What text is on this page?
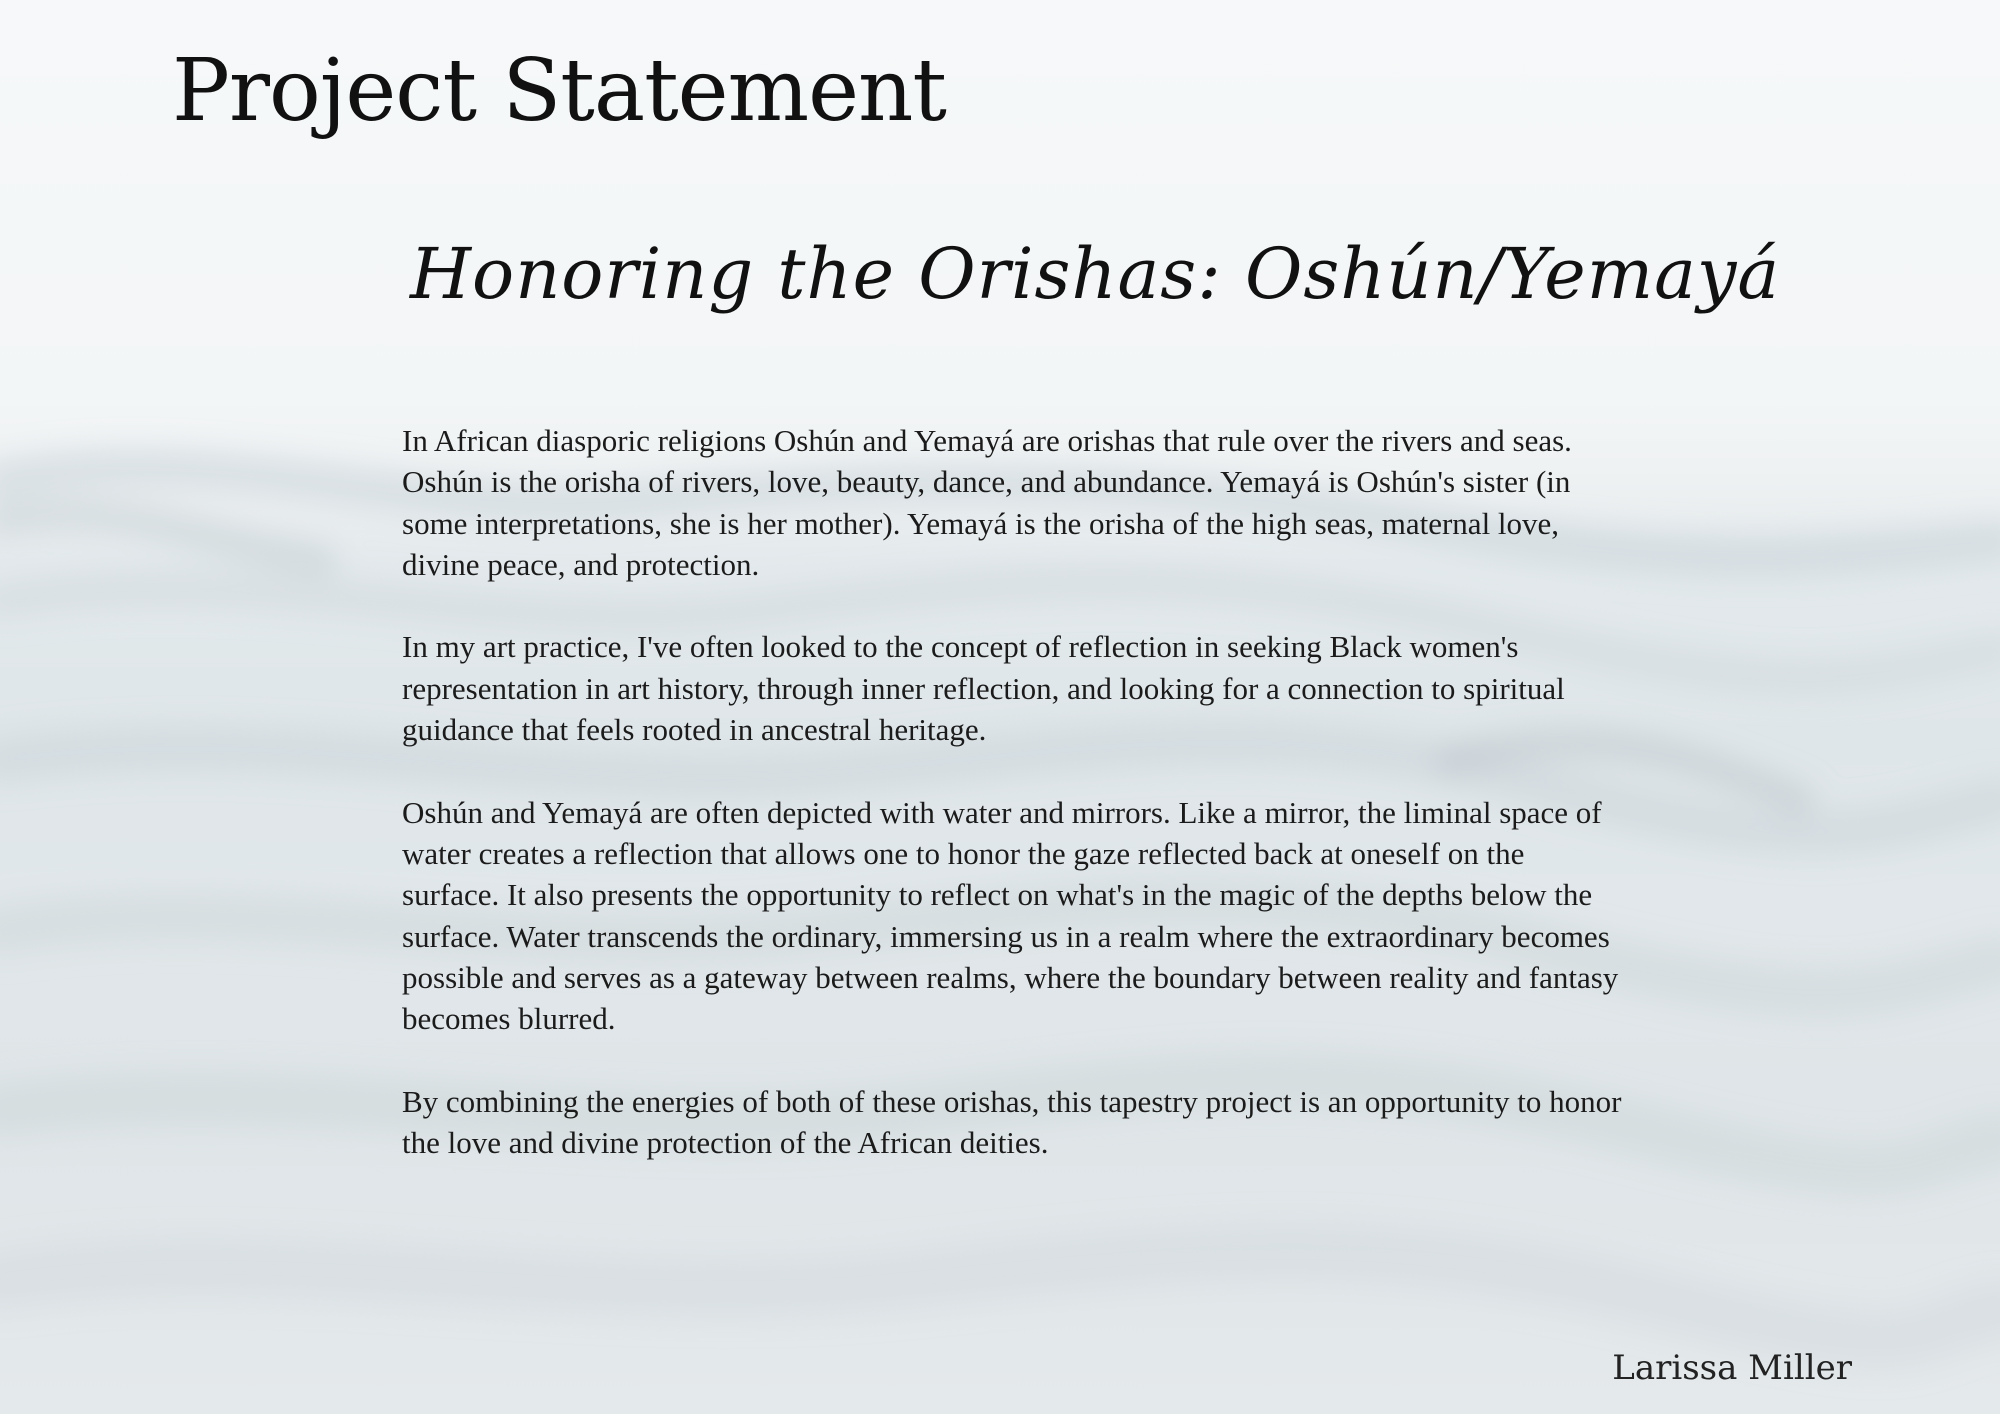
Project Statement
Honoring the Orishas: Oshún/Yemayá

In African diasporic religions Oshún and Yemayá are orishas that rule over the rivers and seas. Oshún is the orisha of rivers, love, beauty, dance, and abundance. Yemayá is Oshún's sister (in some interpretations, she is her mother). Yemayá is the orisha of the high seas, maternal love, divine peace, and protection.

In my art practice, I've often looked to the concept of reflection in seeking Black women's representation in art history, through inner reflection, and looking for a connection to spiritual guidance that feels rooted in ancestral heritage.

Oshún and Yemayá are often depicted with water and mirrors. Like a mirror, the liminal space of water creates a reflection that allows one to honor the gaze reflected back at oneself on the surface. It also presents the opportunity to reflect on what's in the magic of the depths below the surface. Water transcends the ordinary, immersing us in a realm where the extraordinary becomes possible and serves as a gateway between realms, where the boundary between reality and fantasy becomes blurred.

By combining the energies of both of these orishas, this tapestry project is an opportunity to honor the love and divine protection of the African deities.

Larissa Miller
